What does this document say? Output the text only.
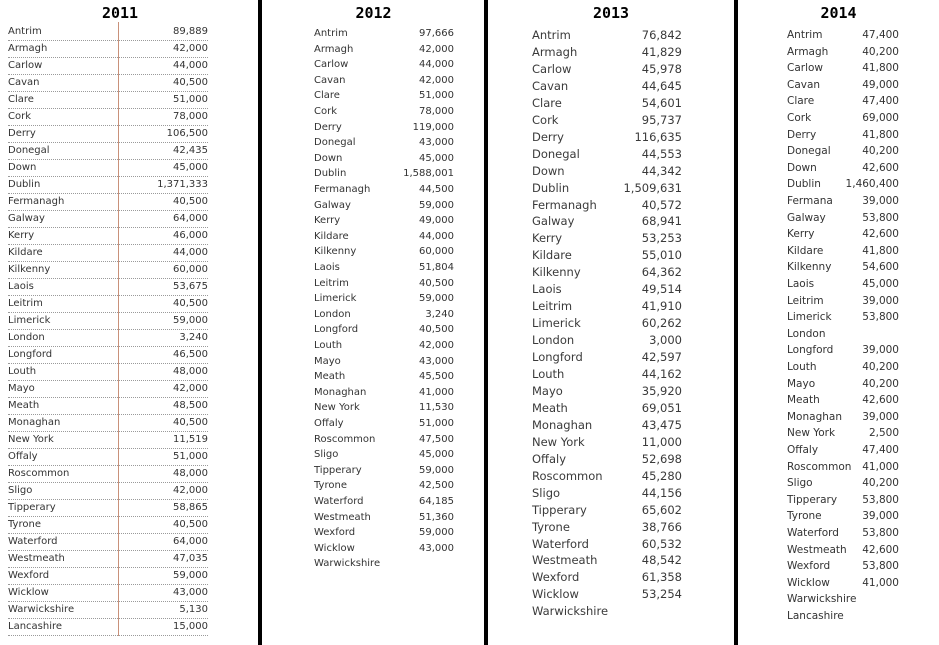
2011
Antrim	89,889
Armagh	42,000
Carlow	44,000
Cavan	40,500
Clare	51,000
Cork	78,000
Derry	106,500
Donegal	42,435
Down	45,000
Dublin	1,371,333
Fermanagh	40,500
Galway	64,000
Kerry	46,000
Kildare	44,000
Kilkenny	60,000
Laois	53,675
Leitrim	40,500
Limerick	59,000
London	3,240
Longford	46,500
Louth	48,000
Mayo	42,000
Meath	48,500
Monaghan	40,500
New York	11,519
Offaly	51,000
Roscommon	48,000
Sligo	42,000
Tipperary	58,865
Tyrone	40,500
Waterford	64,000
Westmeath	47,035
Wexford	59,000
Wicklow	43,000
Warwickshire	5,130
Lancashire	15,000
2012
Antrim	97,666
Armagh	42,000
Carlow	44,000
Cavan	42,000
Clare	51,000
Cork	78,000
Derry	119,000
Donegal	43,000
Down	45,000
Dublin	1,588,001
Fermanagh	44,500
Galway	59,000
Kerry	49,000
Kildare	44,000
Kilkenny	60,000
Laois	51,804
Leitrim	40,500
Limerick	59,000
London	3,240
Longford	40,500
Louth	42,000
Mayo	43,000
Meath	45,500
Monaghan	41,000
New York	11,530
Offaly	51,000
Roscommon	47,500
Sligo	45,000
Tipperary	59,000
Tyrone	42,500
Waterford	64,185
Westmeath	51,360
Wexford	59,000
Wicklow	43,000
Warwickshire
2013
Antrim	76,842
Armagh	41,829
Carlow	45,978
Cavan	44,645
Clare	54,601
Cork	95,737
Derry	116,635
Donegal	44,553
Down	44,342
Dublin	1,509,631
Fermanagh	40,572
Galway	68,941
Kerry	53,253
Kildare	55,010
Kilkenny	64,362
Laois	49,514
Leitrim	41,910
Limerick	60,262
London	3,000
Longford	42,597
Louth	44,162
Mayo	35,920
Meath	69,051
Monaghan	43,475
New York	11,000
Offaly	52,698
Roscommon	45,280
Sligo	44,156
Tipperary	65,602
Tyrone	38,766
Waterford	60,532
Westmeath	48,542
Wexford	61,358
Wicklow	53,254
Warwickshire
2014
Antrim	47,400
Armagh	40,200
Carlow	41,800
Cavan	49,000
Clare	47,400
Cork	69,000
Derry	41,800
Donegal	40,200
Down	42,600
Dublin	1,460,400
Fermana	39,000
Galway	53,800
Kerry	42,600
Kildare	41,800
Kilkenny	54,600
Laois	45,000
Leitrim	39,000
Limerick	53,800
London
Longford	39,000
Louth	40,200
Mayo	40,200
Meath	42,600
Monaghan 39,000
New York	2,500
Offaly	47,400
Roscommon 41,000
Sligo	40,200
Tipperary 53,800
Tyrone	39,000
Waterford 53,800
Westmeath 42,600
Wexford	53,800
Wicklow	41,000
Warwickshire
Lancashire
